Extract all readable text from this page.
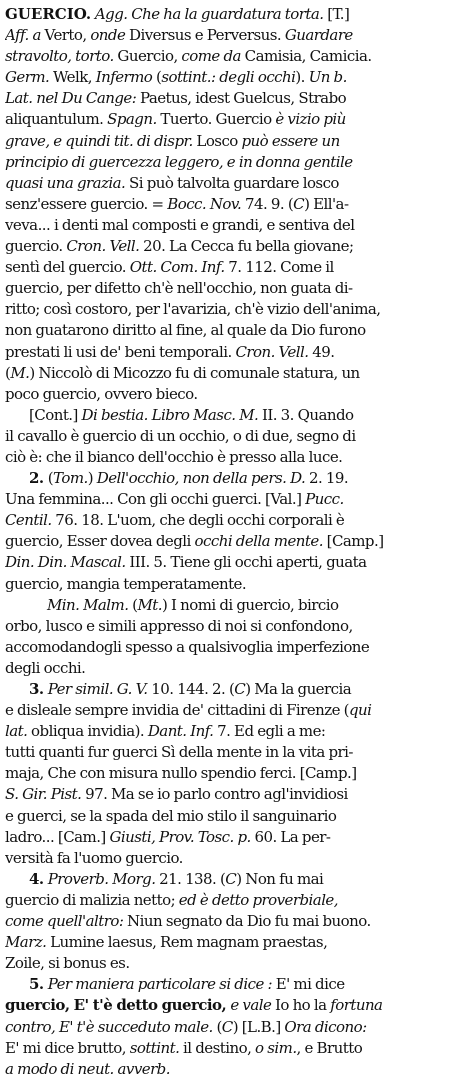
GUERCIO. Agg. Che ha la guardatura torta. [T.]
Aff. a Verto, onde Diversus e Perversus. Guardare
stravolto, torto. Guercio, come da Camisia, Camicia.
Germ. Welk, Infermo (sottint.: degli occhi). Un b.
Lat. nel Du Cange: Paetus, idest Guelcus, Strabo
aliquantulum. Spagn. Tuerto. Guercio è vizio più
grave, e quindi tit. di dispr. Losco può essere un
principio di guercezza leggero, e in donna gentile
quasi una grazia. Si può talvolta guardare losco
senz'essere guercio. = Bocc. Nov. 74. 9. (C) Ell'a-
veva... i denti mal composti e grandi, e sentiva del
guercio. Cron. Vell. 20. La Cecca fu bella giovane;
sentì del guercio. Ott. Com. Inf. 7. 112. Come il
guercio, per difetto ch'è nell'occhio, non guata di-
ritto; così costoro, per l'avarizia, ch'è vizio dell'anima,
non guatarono diritto al fine, al quale da Dio furono
prestati li usi de' beni temporali. Cron. Vell. 49.
(M.) Niccolò di Micozzo fu di comunale statura, un
poco guercio, ovvero bieco.
[Cont.] Di bestia. Libro Masc. M. II. 3. Quando
il cavallo è guercio di un occhio, o di due, segno di
ciò è: che il bianco dell'occhio è presso alla luce.
2. (Tom.) Dell'occhio, non della pers. D. 2. 19.
Una femmina... Con gli occhi guerci. [Val.] Pucc.
Centil. 76. 18. L'uom, che degli occhi corporali è
guercio, Esser dovea degli occhi della mente. [Camp.]
Din. Din. Mascal. III. 5. Tiene gli occhi aperti, guata
guercio, mangia temperatamente.
Min. Malm. (Mt.) I nomi di guercio, bircio
orbo, lusco e simili appresso di noi si confondono,
accomodandogli spesso a qualsivoglia imperfezione
degli occhi.
3. Per simil. G. V. 10. 144. 2. (C) Ma la guercia
e disleale sempre invidia de' cittadini di Firenze (qui
lat. obliqua invidia). Dant. Inf. 7. Ed egli a me:
tutti quanti fur guerci Sì della mente in la vita pri-
maja, Che con misura nullo spendio ferci. [Camp.]
S. Gir. Pist. 97. Ma se io parlo contro agl'invidiosi
e guerci, se la spada del mio stilo il sanguinario
ladro... [Cam.] Giusti, Prov. Tosc. p. 60. La per-
versità fa l'uomo guercio.
4. Proverb. Morg. 21. 138. (C) Non fu mai
guercio di malizia netto; ed è detto proverbiale,
come quell'altro: Niun segnato da Dio fu mai buono.
Marz. Lumine laesus, Rem magnam praestas,
Zoile, si bonus es.
5. Per maniera particolare si dice : E' mi dice
guercio, E' t'è detto guercio, e vale Io ho la fortuna
contro, E' t'è succeduto male. (C) [L.B.] Ora dicono:
E' mi dice brutto, sottint. il destino, o sim., e Brutto
a modo di neut. avverb.
